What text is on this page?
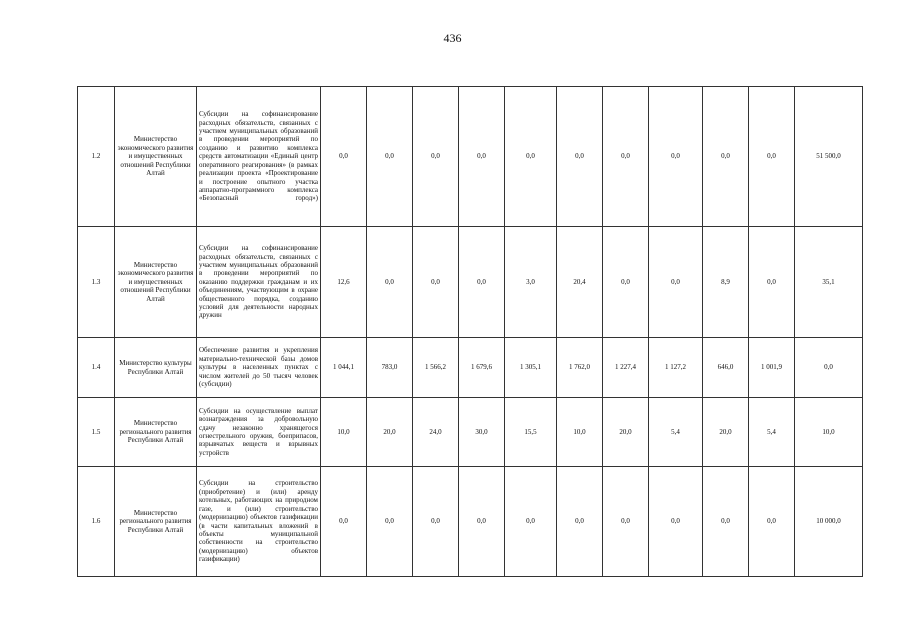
436
1.2	Министерство экономического развития и имущественных отношений Республики Алтай	Субсидии на софинансирование расходных обязательств, связанных с участием муниципальных образований в проведении мероприятий по созданию и развитию комплекса средств автоматизации «Единый центр оперативного реагирования» (в рамках реализации проекта «Проектирование и построение опытного участка аппаратно-программного комплекса «Безопасный город»)	0,0	0,0	0,0	0,0	0,0	0,0	0,0	0,0	0,0	0,0	51 500,0
1.3	Министерство экономического развития и имущественных отношений Республики Алтай	Субсидии на софинансирование расходных обязательств, связанных с участием муниципальных образований в проведении мероприятий по оказанию поддержки гражданам и их объединениям, участвующим в охране общественного порядка, созданию условий для деятельности народных дружин	12,6	0,0	0,0	0,0	3,0	20,4	0,0	0,0	8,9	0,0	35,1
1.4	Министерство культуры Республики Алтай	Обеспечение развития и укрепления материально-технической базы домов культуры в населенных пунктах с числом жителей до 50 тысяч человек (субсидии)	1 044,1	783,0	1 566,2	1 679,6	1 305,1	1 762,0	1 227,4	1 127,2	646,0	1 001,9	0,0
1.5	Министерство регионального развития Республики Алтай	Субсидии на осуществление выплат вознаграждения за добровольную сдачу незаконно хранящегося огнестрельного оружия, боеприпасов, взрывчатых веществ и взрывных устройств	10,0	20,0	24,0	30,0	15,5	10,0	20,0	5,4	20,0	5,4	10,0
1.6	Министерство регионального развития Республики Алтай	Субсидии на строительство (приобретение) и (или) аренду котельных, работающих на природном газе, и (или) строительство (модернизацию) объектов газификации (в части капитальных вложений в объекты муниципальной собственности на строительство (модернизацию) объектов газификации)	0,0	0,0	0,0	0,0	0,0	0,0	0,0	0,0	0,0	0,0	10 000,0
